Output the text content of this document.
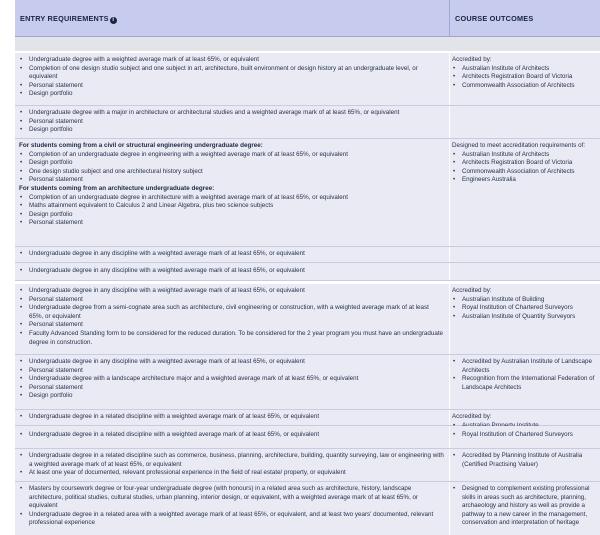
ENTRY REQUIREMENTS i	COURSE OUTCOMES
• Undergraduate degree with a weighted average mark of at least 65%, or equivalent
• Completion of one design studio subject and one subject in art, architecture, built environment or design history at an undergraduate level, or equivalent
• Personal statement
• Design portfolio
Accredited by:
• Australian Institute of Architects
• Architects Registration Board of Victoria
• Commonwealth Association of Architects
• Undergraduate degree with a major in architecture or architectural studies and a weighted average mark of at least 65%, or equivalent
• Personal statement
• Design portfolio
For students coming from a civil or structural engineering undergraduate degree:
• Completion of an undergraduate degree in engineering with a weighted average mark of at least 65%, or equivalent
• Design portfolio
• One design studio subject and one architectural history subject
• Personal statement
For students coming from an architecture undergraduate degree:
• Completion of an undergraduate degree in architecture with a weighted average mark of at least 65%, or equivalent
• Maths attainment equivalent to Calculus 2 and Linear Algebra, plus two science subjects
• Design portfolio
• Personal statement
Designed to meet accreditation requirements of:
• Australian Institute of Architects
• Architects Registration Board of Victoria
• Commonwealth Association of Architects
• Engineers Australia
• Undergraduate degree in any discipline with a weighted average mark of at least 65%, or equivalent
• Undergraduate degree in any discipline with a weighted average mark of at least 65%, or equivalent
• Undergraduate degree in any discipline with a weighted average mark of at least 65%, or equivalent
• Personal statement
• Undergraduate degree from a semi-cognate area such as architecture, civil engineering or construction, with a weighted average mark of at least 65%, or equivalent
• Personal statement
• Faculty Advanced Standing form to be considered for the reduced duration. To be considered for the 2 year program you must have an undergraduate degree in construction.
Accredited by:
• Australian Institute of Building
• Royal Institution of Chartered Surveyors
• Australian Institute of Quantity Surveyors
• Undergraduate degree in any discipline with a weighted average mark of at least 65%, or equivalent
• Personal statement
• Undergraduate degree with a landscape architecture major and a weighted average mark of at least 65%, or equivalent
• Personal statement
• Design portfolio
• Accredited by Australian Institute of Landscape Architects
• Recognition from the International Federation of Landscape Architects
• Undergraduate degree in a related discipline with a weighted average mark of at least 65%, or equivalent	Accredited by:
•
• Undergraduate degree in a related discipline with a weighted average mark of at least 65%, or equivalent
•	Royal Institution of Chartered Surveyors
• Undergraduate degree in a related discipline such as commerce, business, planning, architecture, building, quantity surveying, law or engineering with a weighted average mark of at least 65%, or equivalent
• At least one year of documented, relevant professional experience in the field of real estate/ property, or equivalent
• Accredited by Planning Institute of Australia (Certified Practising Valuer)
• Masters by coursework degree or four-year undergraduate degree (with honours) in a related area such as architecture, history, landscape architecture, political studies, cultural studies, urban planning, interior design, or equivalent, with a weighted average mark of at least 65%, or equivalent
• Undergraduate degree in a related area with a weighted average mark of at least 65%, or equivalent, and at least two years' documented, relevant professional experience
• Designed to complement existing professional skills in areas such as architecture, planning, archaeology and history as well as provide a pathway to a new career in the management, conservation and interpretation of heritage
